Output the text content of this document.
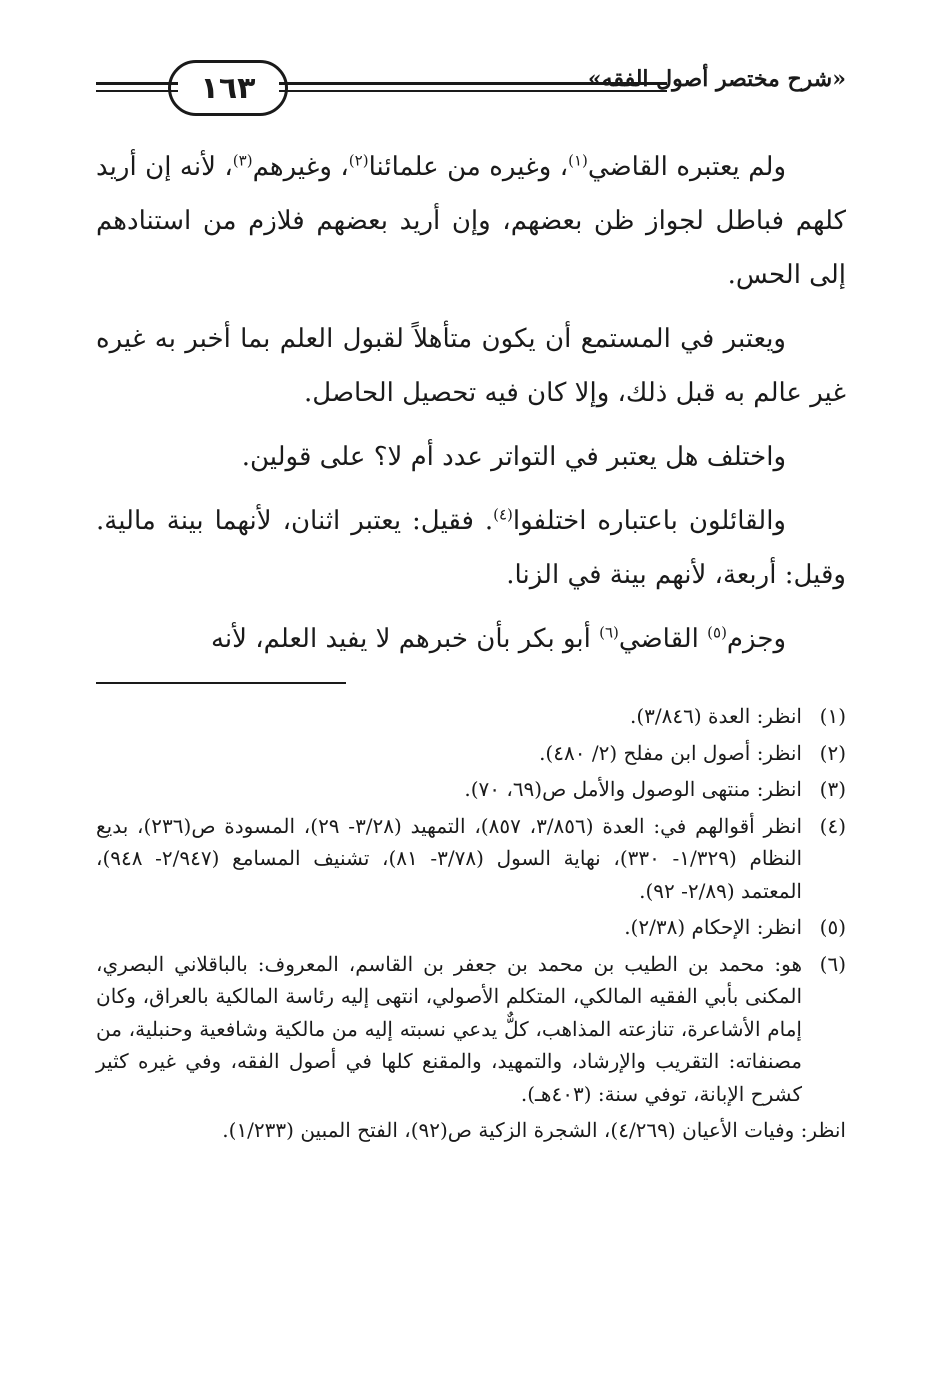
١٦٣	«شرح مختصر أصول الفقه»

ولم يعتبره القاضي$^{(١)}$، وغيره من علمائنا$^{(٢)}$، وغيرهم$^{(٣)}$، لأنه إن أريد كلهم فباطل لجواز ظن بعضهم، وإن أريد بعضهم فلازم من استنادهم إلى الحس.

ويعتبر في المستمع أن يكون متأهلاً لقبول العلم بما أخبر به غيره غير عالم به قبل ذلك، وإلا كان فيه تحصيل الحاصل.

واختلف هل يعتبر في التواتر عدد أم لا؟ على قولين.

والقائلون باعتباره اختلفوا$^{(٤)}$. فقيل: يعتبر اثنان، لأنهما بينة مالية. وقيل: أربعة، لأنهم بينة في الزنا.

وجزم$^{(٥)}$ القاضي$^{(٦)}$ أبو بكر بأن خبرهم لا يفيد العلم، لأنه

(١)
انظر: العدة (٣/٨٤٦).
(٢)
انظر: أصول ابن مفلح (٢/ ٤٨٠).
(٣)
انظر: منتهى الوصول والأمل ص(٦٩، ٧٠).
(٤)
انظر أقوالهم في: العدة (٣/٨٥٦، ٨٥٧)، التمهيد (٣/٢٨- ٢٩)، المسودة ص(٢٣٦)، بديع النظام (١/٣٢٩- ٣٣٠)، نهاية السول (٣/٧٨- ٨١)، تشنيف المسامع (٢/٩٤٧- ٩٤٨)، المعتمد (٢/٨٩- ٩٢).
(٥)
انظر: الإحكام (٢/٣٨).
(٦)
هو: محمد بن الطيب بن محمد بن جعفر بن القاسم، المعروف: بالباقلاني البصري، المكنى بأبي الفقيه المالكي، المتكلم الأصولي، انتهى إليه رئاسة المالكية بالعراق، وكان إمام الأشاعرة، تنازعته المذاهب، كلٌّ يدعي نسبته إليه من مالكية وشافعية وحنبلية، من مصنفاته: التقريب والإرشاد، والتمهيد، والمقنع كلها في أصول الفقه، وفي غيره كثير كشرح الإبانة، توفي سنة: (٤٠٣هـ).
انظر: وفيات الأعيان (٤/٢٦٩)، الشجرة الزكية ص(٩٢)، الفتح المبين (١/٢٣٣).
